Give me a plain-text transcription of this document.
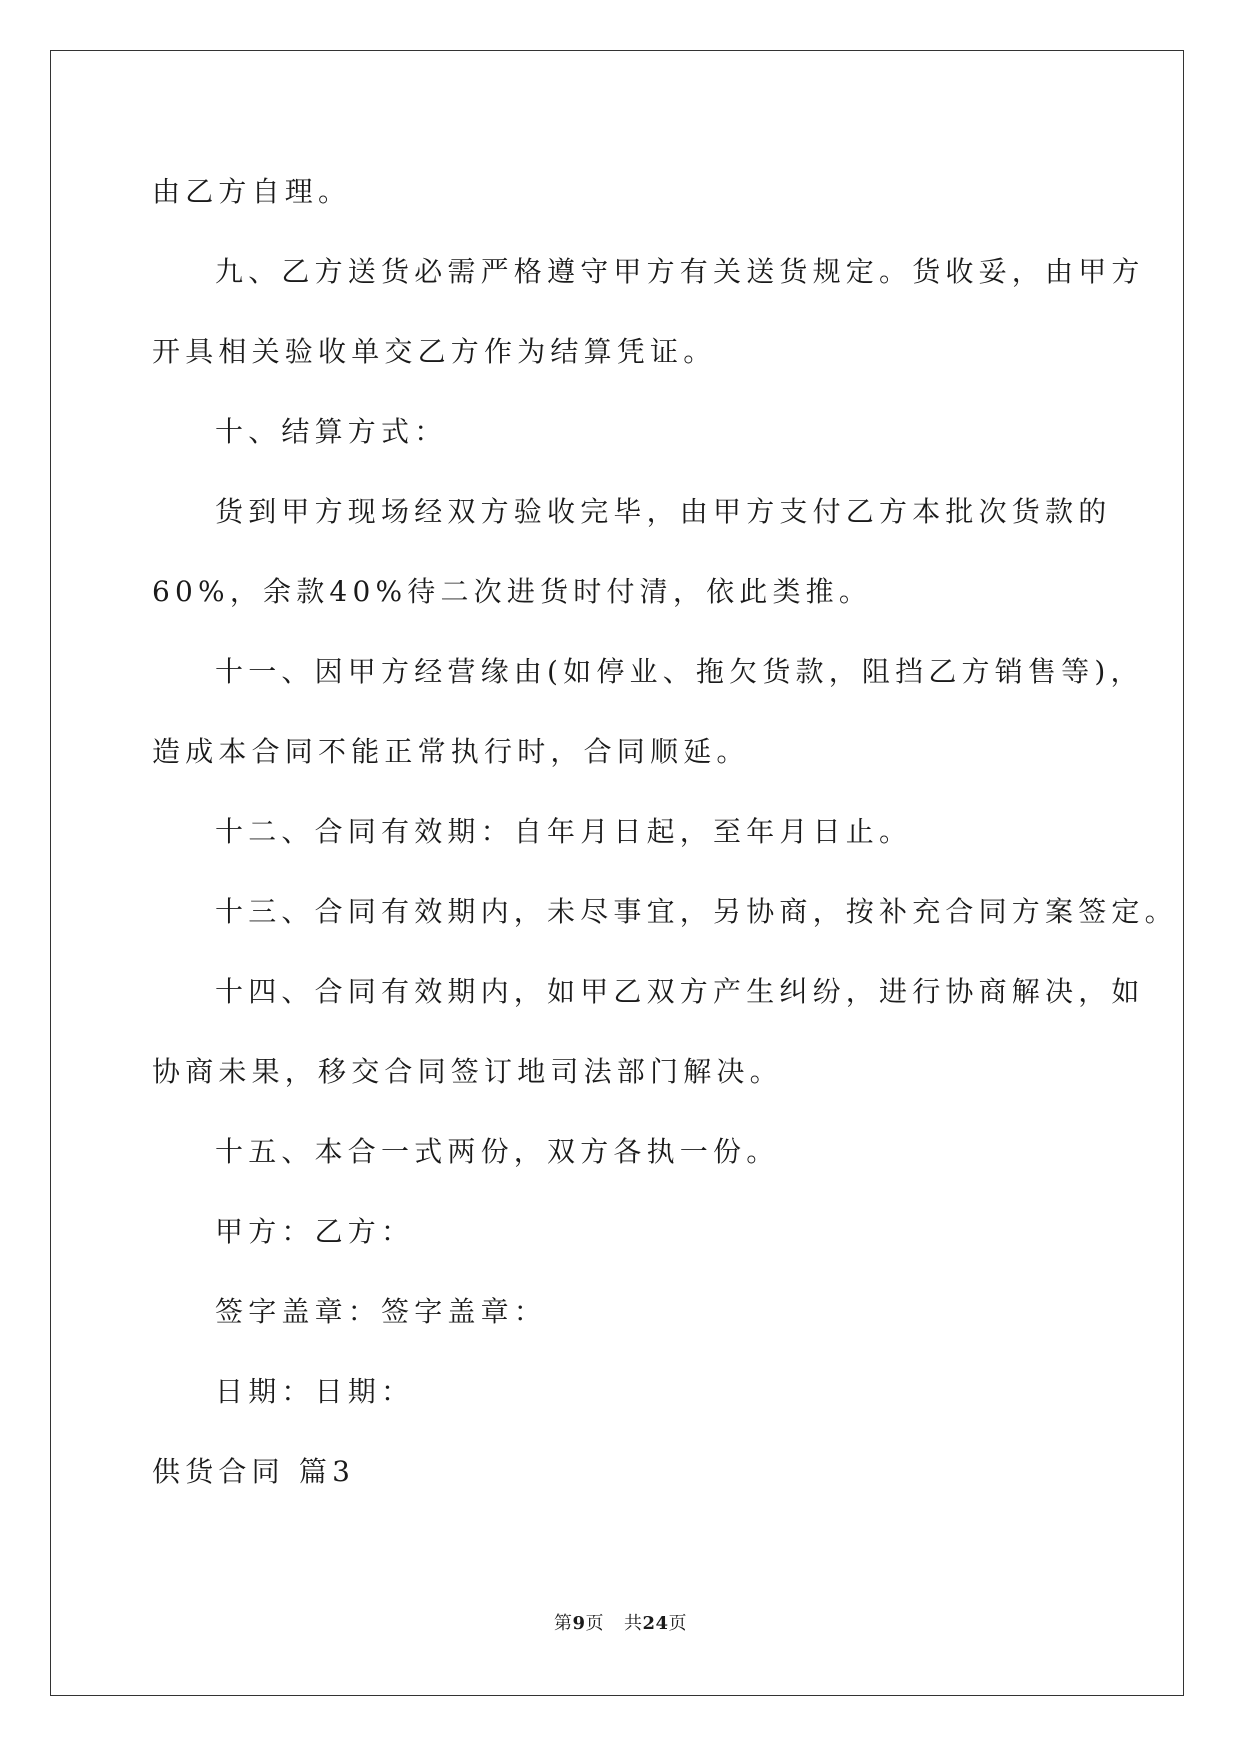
由乙方自理。
九、乙方送货必需严格遵守甲方有关送货规定。货收妥，由甲方
开具相关验收单交乙方作为结算凭证。
十、结算方式：
货到甲方现场经双方验收完毕，由甲方支付乙方本批次货款的
60%，余款40%待二次进货时付清，依此类推。
十一、因甲方经营缘由(如停业、拖欠货款，阻挡乙方销售等)，
造成本合同不能正常执行时，合同顺延。
十二、合同有效期：自年月日起，至年月日止。
十三、合同有效期内，未尽事宜，另协商，按补充合同方案签定。
十四、合同有效期内，如甲乙双方产生纠纷，进行协商解决，如
协商未果，移交合同签订地司法部门解决。
十五、本合一式两份，双方各执一份。
甲方：乙方：
签字盖章：签字盖章：
日期：日期：
供货合同 篇3
第9页 共24页
